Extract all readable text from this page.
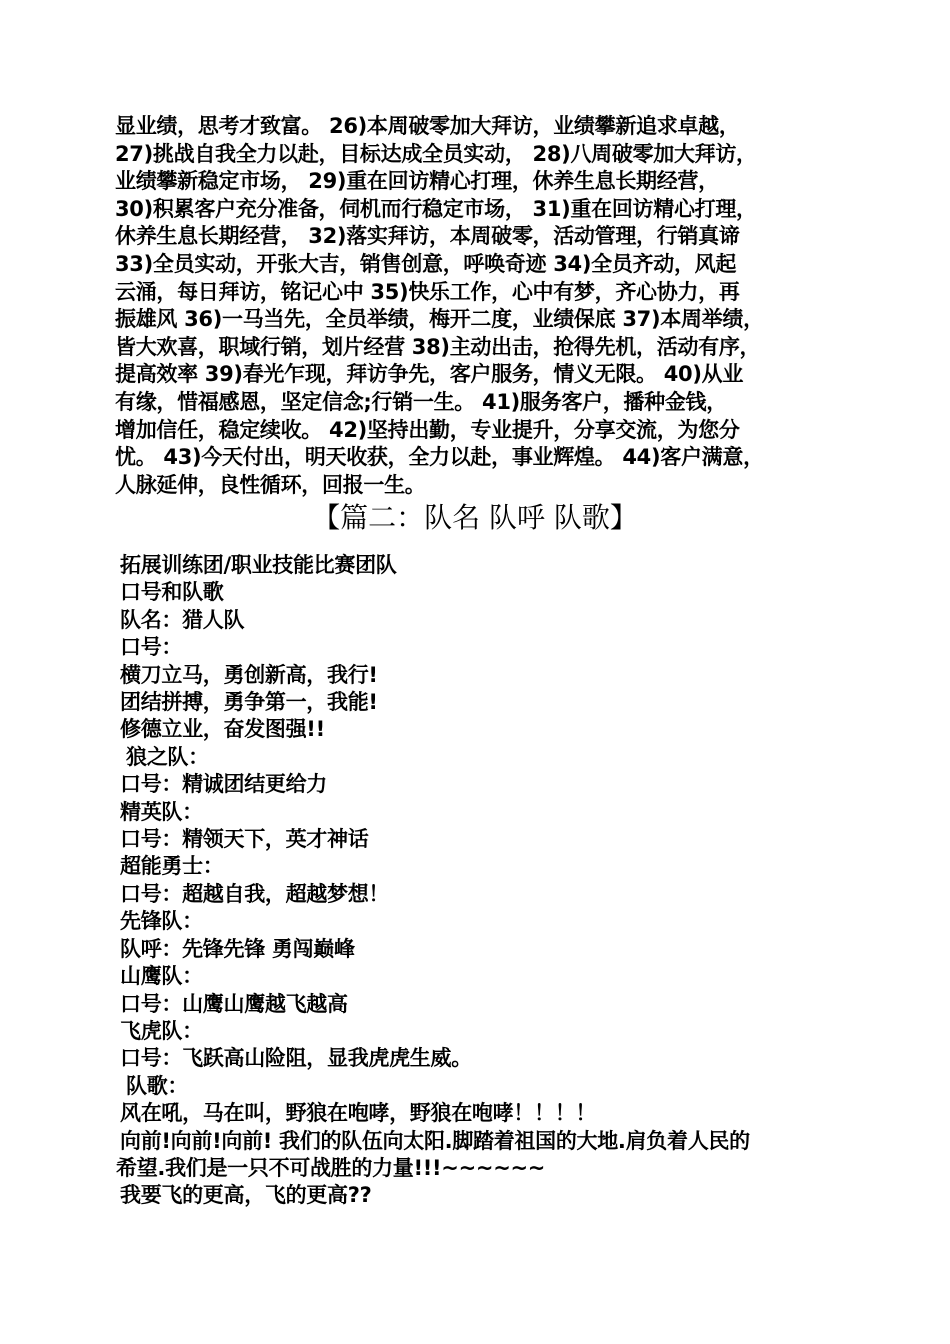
显业绩，思考才致富。 26)本周破零加大拜访，业绩攀新追求卓越，
27)挑战自我全力以赴，目标达成全员实动， 28)八周破零加大拜访，
业绩攀新稳定市场， 29)重在回访精心打理，休养生息长期经营，
30)积累客户充分准备，伺机而行稳定市场， 31)重在回访精心打理，
休养生息长期经营， 32)落实拜访，本周破零，活动管理，行销真谛
33)全员实动，开张大吉，销售创意，呼唤奇迹 34)全员齐动，风起
云涌，每日拜访，铭记心中 35)快乐工作，心中有梦，齐心协力，再
振雄风 36)一马当先，全员举绩，梅开二度，业绩保底 37)本周举绩，
皆大欢喜，职域行销，划片经营 38)主动出击，抢得先机，活动有序，
提高效率 39)春光乍现，拜访争先，客户服务，情义无限。 40)从业
有缘，惜福感恩，坚定信念;行销一生。 41)服务客户，播种金钱，
增加信任，稳定续收。 42)坚持出勤，专业提升，分享交流，为您分
忧。 43)今天付出，明天收获，全力以赴，事业辉煌。 44)客户满意，
人脉延伸，良性循环，回报一生。
【篇二：队名 队呼 队歌】
拓展训练团/职业技能比赛团队
口号和队歌
队名：猎人队
口号：
横刀立马，勇创新高，我行!
团结拼搏，勇争第一，我能!
修德立业，奋发图强!!
狼之队：
口号：精诚团结更给力
精英队：
口号：精领天下，英才神话
超能勇士：
口号：超越自我，超越梦想！
先锋队：
队呼：先锋先锋 勇闯巅峰
山鹰队：
口号：山鹰山鹰越飞越高
飞虎队：
口号：飞跃高山险阻，显我虎虎生威。
队歌：
风在吼，马在叫，野狼在咆哮，野狼在咆哮！！！！
向前!向前!向前! 我们的队伍向太阳.脚踏着祖国的大地.肩负着人民的
希望.我们是一只不可战胜的力量!!!~~~~~~
我要飞的更高，飞的更高??
